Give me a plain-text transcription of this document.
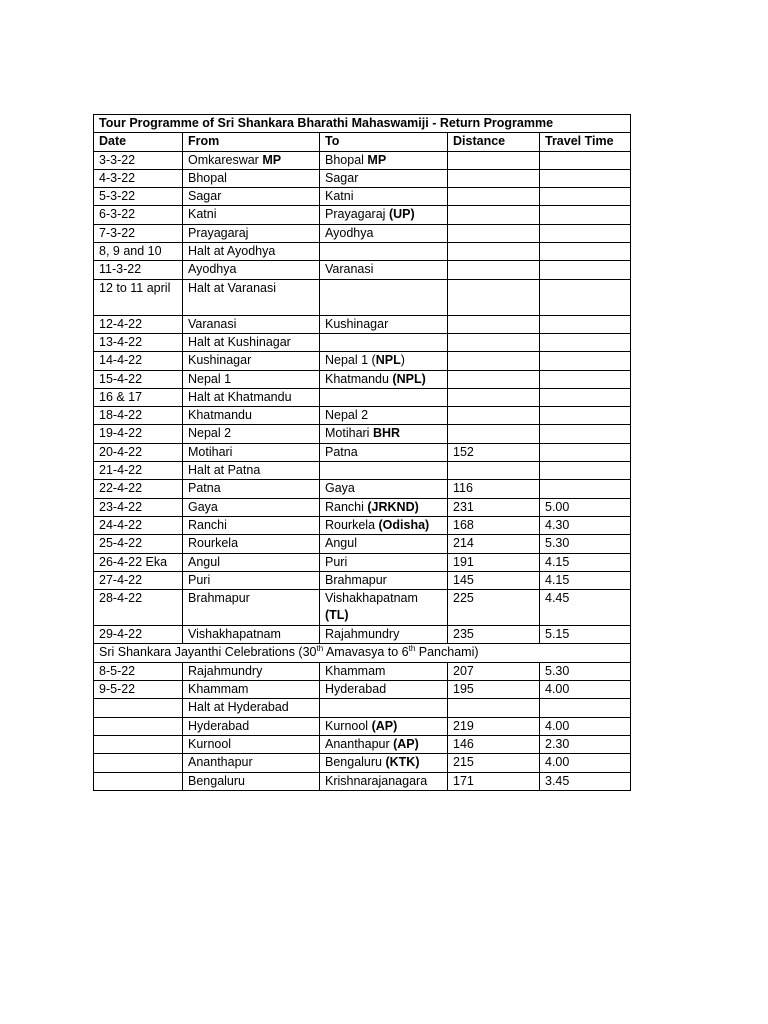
Tour Programme of Sri Shankara Bharathi Mahaswamiji - Return Programme				
Date	From	To	Distance	Travel Time
3-3-22	Omkareswar MP	Bhopal MP		
4-3-22	Bhopal	Sagar		
5-3-22	Sagar	Katni		
6-3-22	Katni	Prayagaraj (UP)		
7-3-22	Prayagaraj	Ayodhya		
8, 9 and 10	Halt at Ayodhya			
11-3-22	Ayodhya	Varanasi		
12 to 11 april	Halt at Varanasi			
12-4-22	Varanasi	Kushinagar		
13-4-22	Halt at Kushinagar			
14-4-22	Kushinagar	Nepal 1 (NPL)		
15-4-22	Nepal 1	Khatmandu (NPL)		
16 & 17	Halt at Khatmandu			
18-4-22	Khatmandu	Nepal 2		
19-4-22	Nepal 2	Motihari BHR		
20-4-22	Motihari	Patna	152	
21-4-22	Halt at Patna			
22-4-22	Patna	Gaya	116	
23-4-22	Gaya	Ranchi (JRKND)	231	5.00
24-4-22	Ranchi	Rourkela (Odisha)	168	4.30
25-4-22	Rourkela	Angul	214	5.30
26-4-22 Eka	Angul	Puri	191	4.15
27-4-22	Puri	Brahmapur	145	4.15
28-4-22	Brahmapur	Vishakhapatnam (TL)	225	4.45
29-4-22	Vishakhapatnam	Rajahmundry	235	5.15
Sri Shankara Jayanthi Celebrations (30th Amavasya to 6th Panchami)				
8-5-22	Rajahmundry	Khammam	207	5.30
9-5-22	Khammam	Hyderabad	195	4.00
	Halt at Hyderabad			
	Hyderabad	Kurnool (AP)	219	4.00
	Kurnool	Ananthapur (AP)	146	2.30
	Ananthapur	Bengaluru (KTK)	215	4.00
	Bengaluru	Krishnarajanagara	171	3.45
